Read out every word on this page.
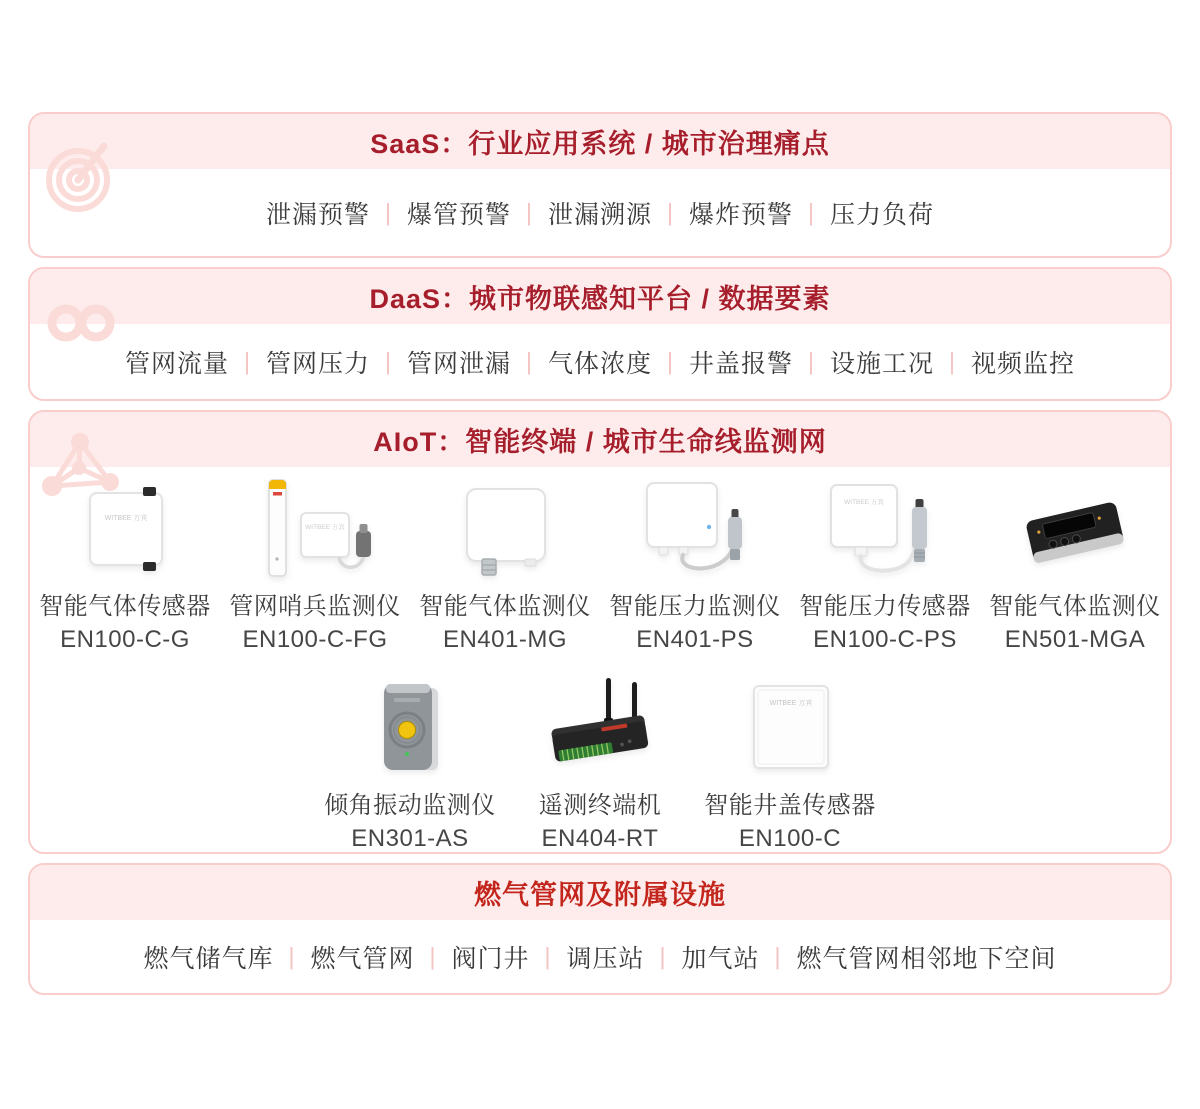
SaaS：行业应用系统 / 城市治理痛点
泄漏预警 | 爆管预警 | 泄漏溯源 | 爆炸预警 | 压力负荷
DaaS：城市物联感知平台 / 数据要素
管网流量 | 管网压力 | 管网泄漏 | 气体浓度 | 井盖报警 | 设施工况 | 视频监控
AIoT：智能终端 / 城市生命线监测网
WITBEE 万宾
智能气体传感器
EN100-C-G
WITBEE 万宾
管网哨兵监测仪
EN100-C-FG
智能气体监测仪
EN401-MG
智能压力监测仪
EN401-PS
WITBEE 万宾
智能压力传感器
EN100-C-PS
智能气体监测仪
EN501-MGA
倾角振动监测仪
EN301-AS
遥测终端机
EN404-RT
WITBEE 万宾
智能井盖传感器
EN100-C
燃气管网及附属设施
燃气储气库 | 燃气管网 | 阀门井 | 调压站 | 加气站 | 燃气管网相邻地下空间
